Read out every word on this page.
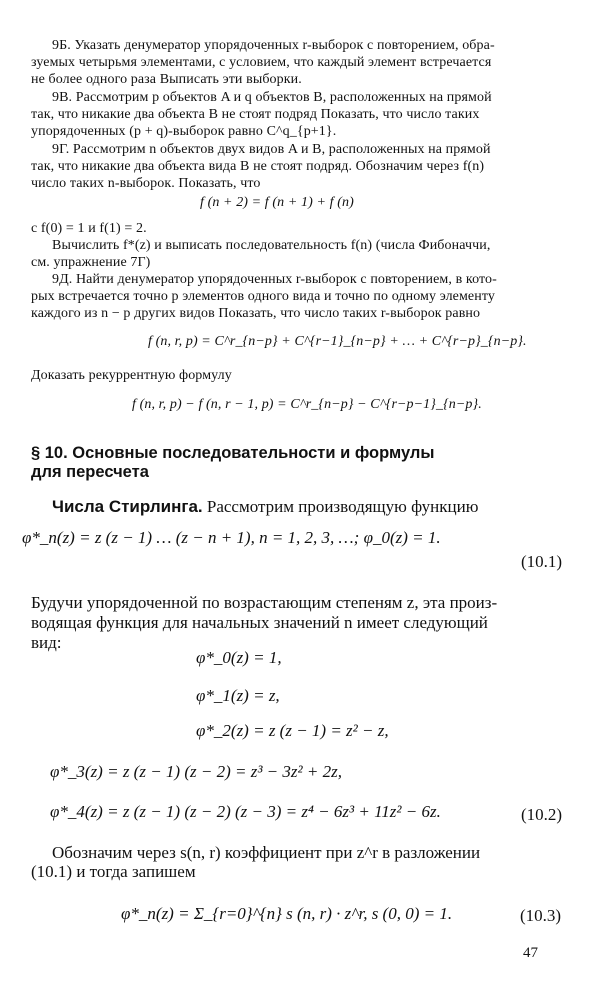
9Б. Указать денумератор упорядоченных r-выборок с повторением, обра-
зуемых четырьмя элементами, с условием, что каждый элемент встречается
не более одного раза Выписать эти выборки.
9В. Рассмотрим p объектов A и q объектов B, расположенных на прямой
так, что никакие два объекта B не стоят подряд Показать, что число таких
упорядоченных (p + q)-выборок равно C^q_{p+1}.
9Г. Рассмотрим n объектов двух видов A и B, расположенных на прямой
так, что никакие два объекта вида B не стоят подряд. Обозначим через f(n)
число таких n-выборок. Показать, что
f (n + 2) = f (n + 1) + f (n)
с f(0) = 1 и f(1) = 2.
Вычислить f*(z) и выписать последовательность f(n) (числа Фибоначчи,
см. упражнение 7Г)
9Д. Найти денумератор упорядоченных r-выборок с повторением, в кото-
рых встречается точно p элементов одного вида и точно по одному элементу
каждого из n − p других видов Показать, что число таких r-выборок равно
f (n, r, p) = C^r_{n−p} + C^{r−1}_{n−p} + … + C^{r−p}_{n−p}.
Доказать рекуррентную формулу
f (n, r, p) − f (n, r − 1, p) = C^r_{n−p} − C^{r−p−1}_{n−p}.
§ 10. Основные последовательности и формулы
для пересчета
Числа Стирлинга. Рассмотрим производящую функцию
φ*_n(z) = z (z − 1) … (z − n + 1), n = 1, 2, 3, …; φ_0(z) = 1.
(10.1)
Будучи упорядоченной по возрастающим степеням z, эта произ-
водящая функция для начальных значений n имеет следующий
вид:
φ*_0(z) = 1,
φ*_1(z) = z,
φ*_2(z) = z (z − 1) = z² − z,
φ*_3(z) = z (z − 1) (z − 2) = z³ − 3z² + 2z,
φ*_4(z) = z (z − 1) (z − 2) (z − 3) = z⁴ − 6z³ + 11z² − 6z.	(10.2)
Обозначим через s(n, r) коэффициент при z^r в разложении
(10.1) и тогда запишем
φ*_n(z) = Σ_{r=0}^{n} s (n, r) · z^r, s (0, 0) = 1.	(10.3)
47
